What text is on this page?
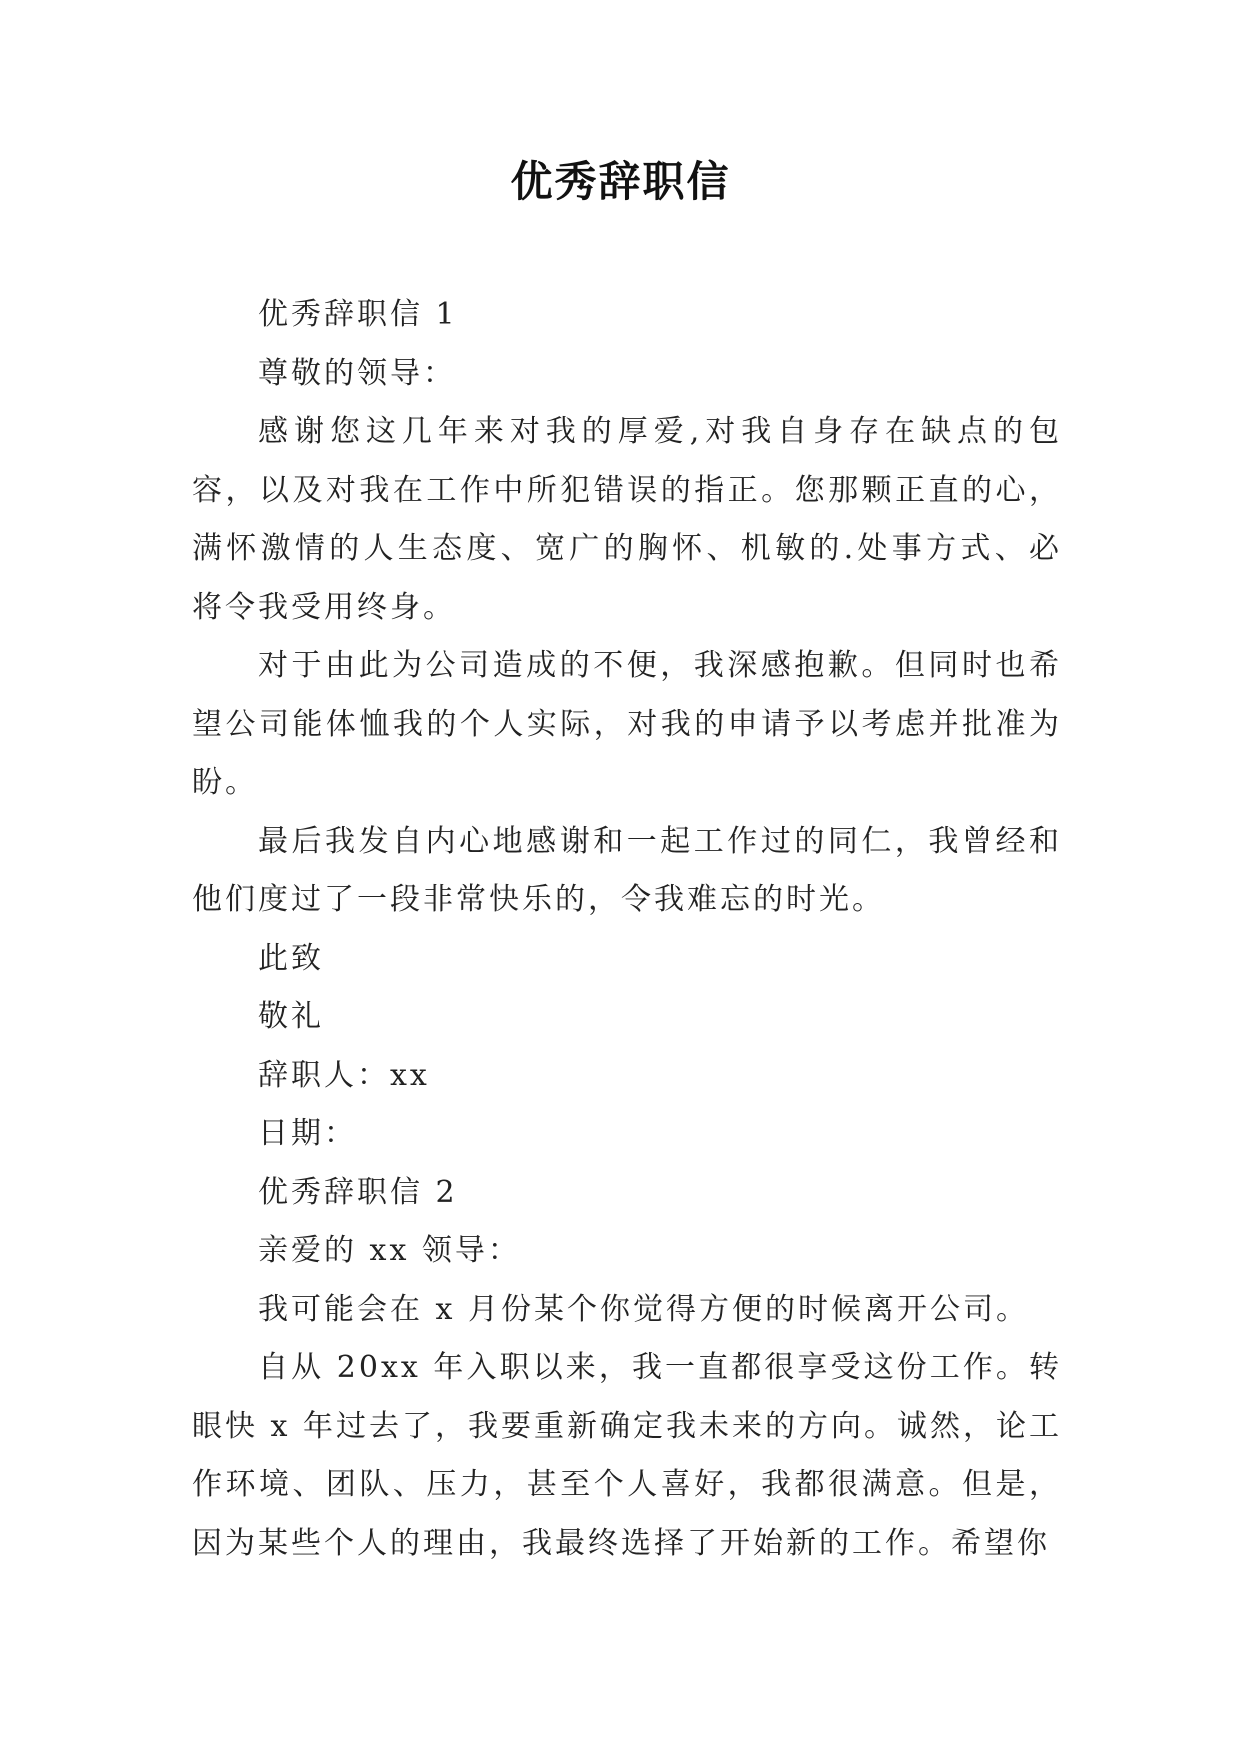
优秀辞职信

优秀辞职信 1

尊敬的领导：

感谢您这几年来对我的厚爱,对我自身存在缺点的包容，以及对我在工作中所犯错误的指正。您那颗正直的心，满怀激情的人生态度、宽广的胸怀、机敏的.处事方式、必将令我受用终身。

对于由此为公司造成的不便，我深感抱歉。但同时也希望公司能体恤我的个人实际，对我的申请予以考虑并批准为盼。

最后我发自内心地感谢和一起工作过的同仁，我曾经和他们度过了一段非常快乐的，令我难忘的时光。

此致

敬礼

辞职人：xx

日期：

优秀辞职信 2

亲爱的 xx 领导：

我可能会在 x 月份某个你觉得方便的时候离开公司。

自从 20xx 年入职以来，我一直都很享受这份工作。转眼快 x 年过去了，我要重新确定我未来的方向。诚然，论工作环境、团队、压力，甚至个人喜好，我都很满意。但是，因为某些个人的理由，我最终选择了开始新的工作。希望你
